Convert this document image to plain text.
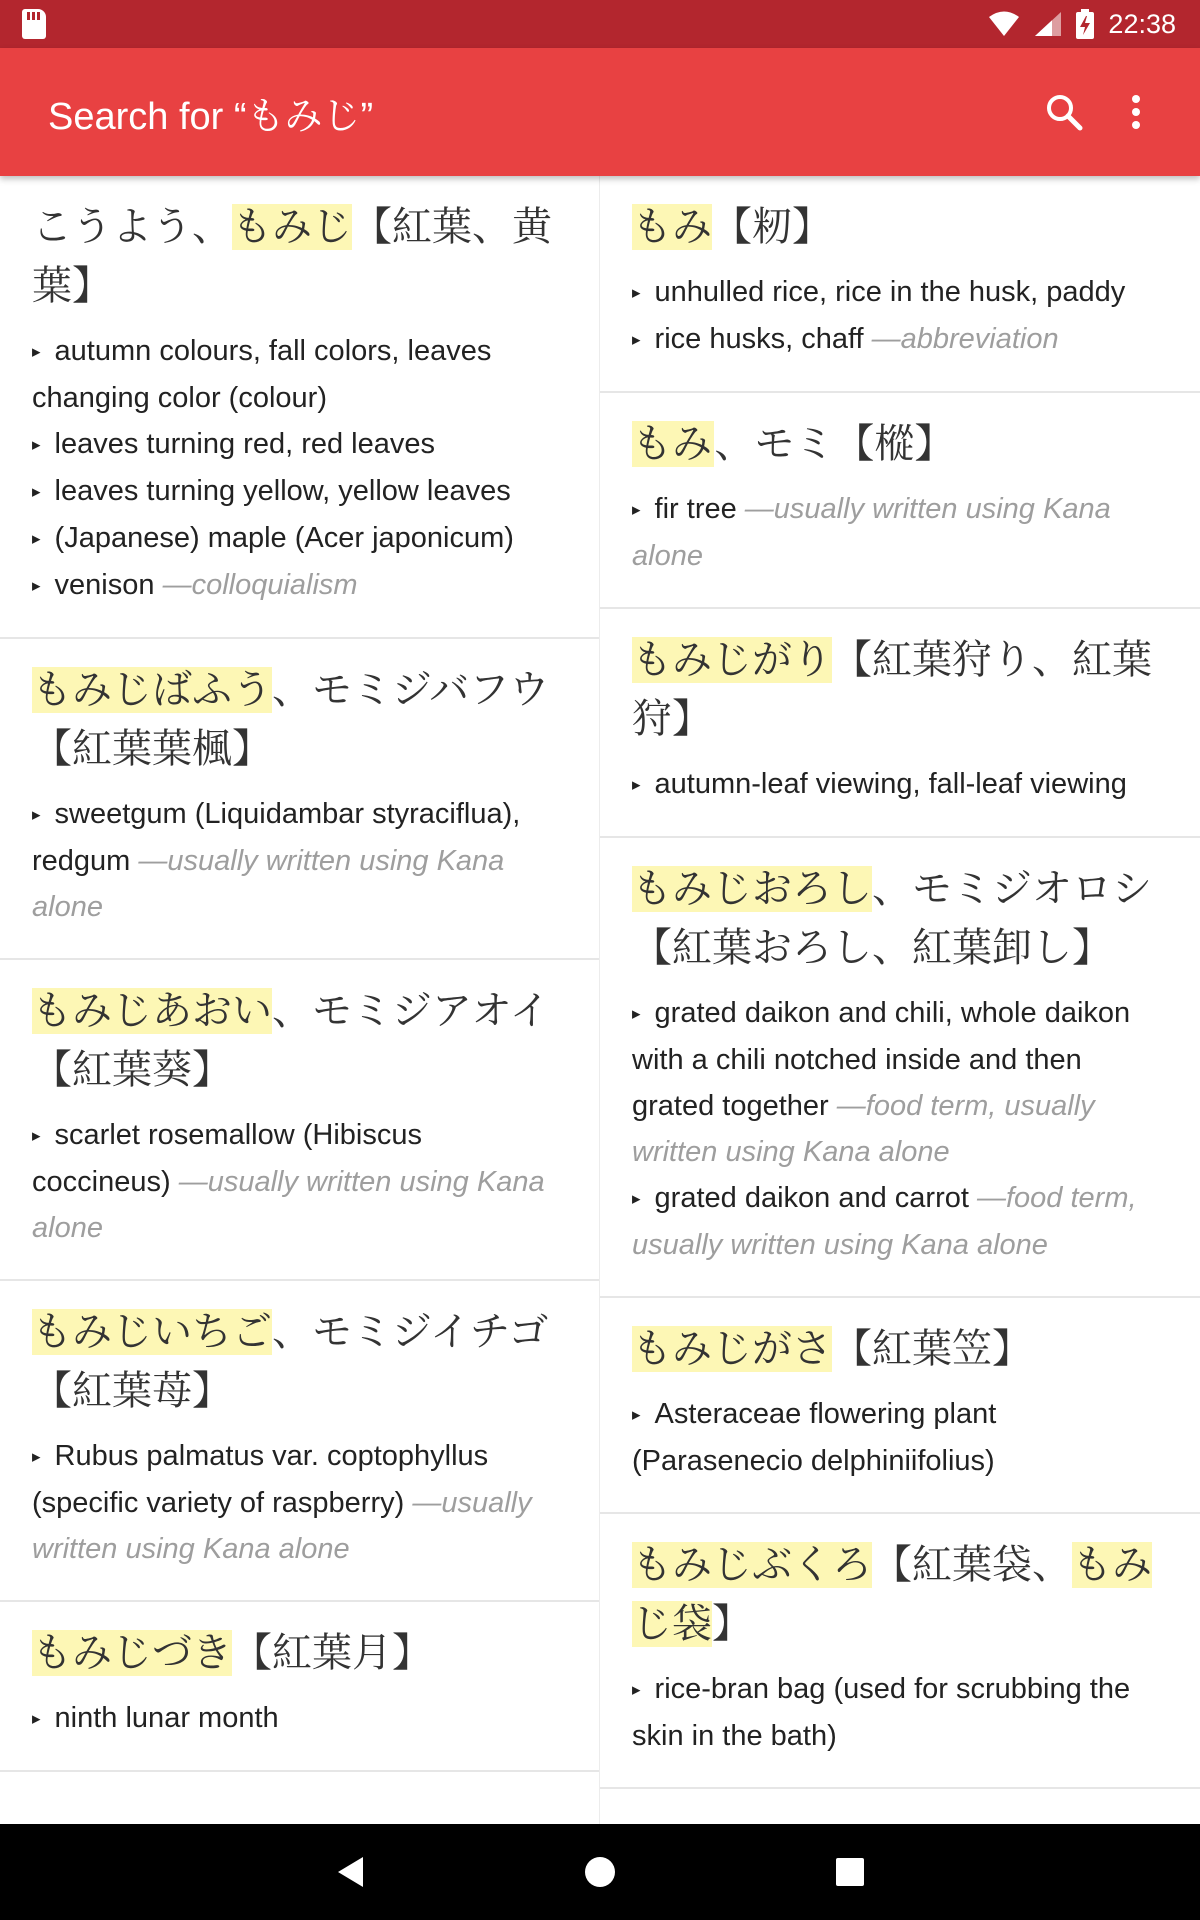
22:38
Search for “もみじ”
こうよう、もみじ【紅葉、黄葉】
▸ autumn colours, fall colors, leaves changing color (colour)
▸ leaves turning red, red leaves
▸ leaves turning yellow, yellow leaves
▸ (Japanese) maple (Acer japonicum)
▸ venison —colloquialism
もみじばふう、モミジバフウ【紅葉葉楓】
▸ sweetgum (Liquidambar styraciflua), redgum —usually written using Kana alone
もみじあおい、モミジアオイ【紅葉葵】
▸ scarlet rosemallow (Hibiscus coccineus) —usually written using Kana alone
もみじいちご、モミジイチゴ【紅葉苺】
▸ Rubus palmatus var. coptophyllus (specific variety of raspberry) —usually written using Kana alone
もみじづき【紅葉月】
▸ ninth lunar month
もみ【籾】
▸ unhulled rice, rice in the husk, paddy
▸ rice husks, chaff —abbreviation
もみ、モミ【樅】
▸ fir tree —usually written using Kana alone
もみじがり【紅葉狩り、紅葉狩】
▸ autumn-leaf viewing, fall-leaf viewing
もみじおろし、モミジオロシ【紅葉おろし、紅葉卸し】
▸ grated daikon and chili, whole daikon with a chili notched inside and then grated together —food term, usually written using Kana alone
▸ grated daikon and carrot —food term, usually written using Kana alone
もみじがさ【紅葉笠】
▸ Asteraceae flowering plant (Parasenecio delphiniifolius)
もみじぶくろ【紅葉袋、もみじ袋】
▸ rice-bran bag (used for scrubbing the skin in the bath)
